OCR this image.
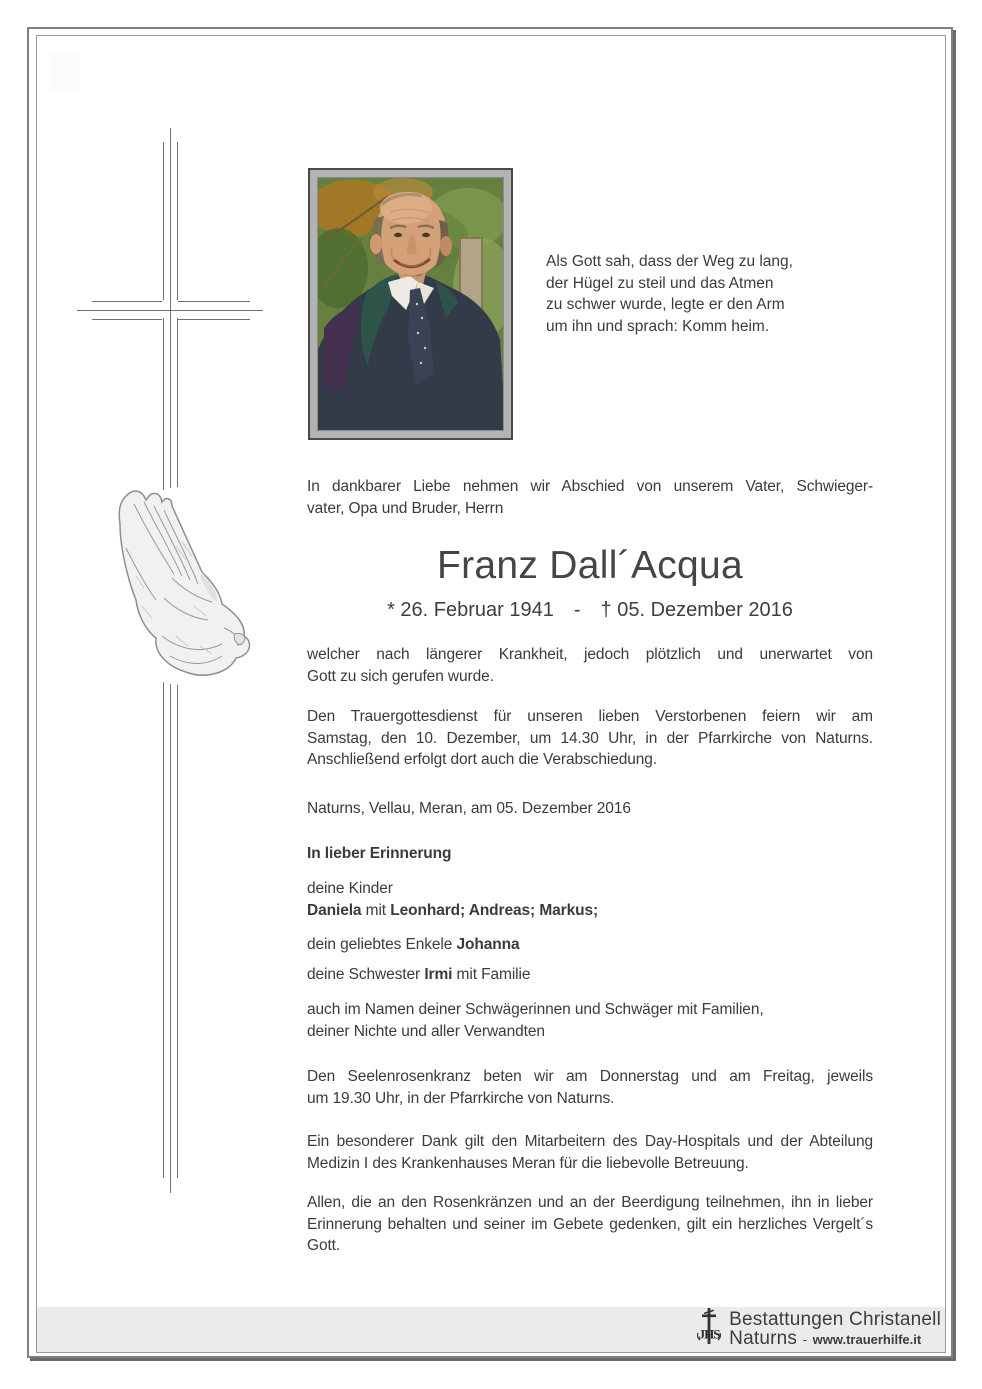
Als Gott sah, dass der Weg zu lang,
der Hügel zu steil und das Atmen
zu schwer wurde, legte er den Arm
um ihn und sprach: Komm heim.
In dankbarer Liebe nehmen wir Abschied von unserem Vater, Schwieger-
vater, Opa und Bruder, Herrn
Franz Dall´Acqua
* 26. Februar 1941 - † 05. Dezember 2016
welcher nach längerer Krankheit, jedoch plötzlich und unerwartet von
Gott zu sich gerufen wurde.
Den Trauergottesdienst für unseren lieben Verstorbenen feiern wir am
Samstag, den 10. Dezember, um 14.30 Uhr, in der Pfarrkirche von Naturns.
Anschließend erfolgt dort auch die Verabschiedung.
Naturns, Vellau, Meran, am 05. Dezember 2016
In lieber Erinnerung
deine Kinder
Daniela mit Leonhard; Andreas; Markus;
dein geliebtes Enkele Johanna
deine Schwester Irmi mit Familie
auch im Namen deiner Schwägerinnen und Schwäger mit Familien,
deiner Nichte und aller Verwandten
Den Seelenrosenkranz beten wir am Donnerstag und am Freitag, jeweils
um 19.30 Uhr, in der Pfarrkirche von Naturns.
Ein besonderer Dank gilt den Mitarbeitern des Day-Hospitals und der Abteilung
Medizin I des Krankenhauses Meran für die liebevolle Betreuung.
Allen, die an den Rosenkränzen und an der Beerdigung teilnehmen, ihn in lieber
Erinnerung behalten und seiner im Gebete gedenken, gilt ein herzliches Vergelt´s
Gott.
JHS
Bestattungen Christanell
Naturns - www.trauerhilfe.it
